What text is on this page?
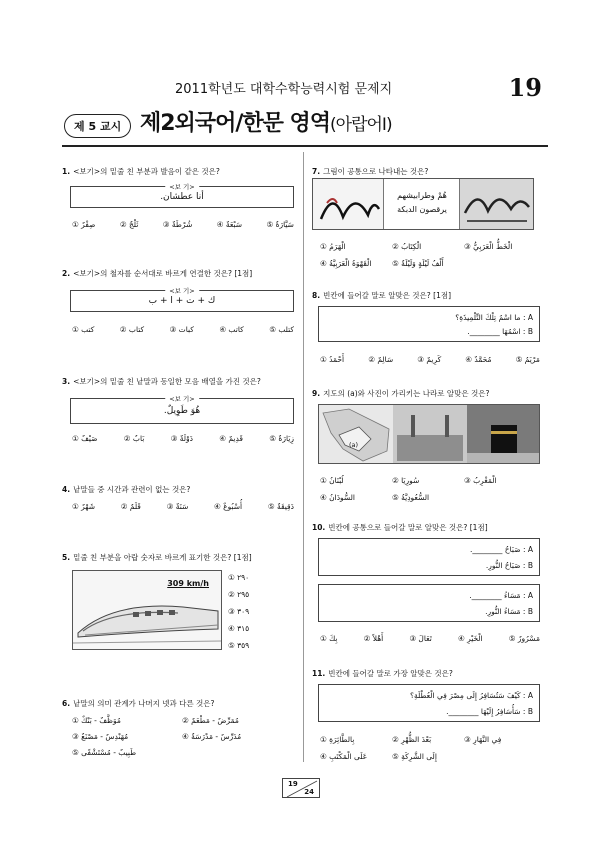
2011학년도 대학수학능력시험 문제지	19
제 5 교시 제2외국어/한문 영역(아랍어Ⅰ)
1. <보기>의 밑줄 친 부분과 발음이 같은 것은?
<보 기>
أنا عطشان.
① صِفْرٌ	② ثَلْجٌ	③ شُرْطَةٌ	④ سَبْعَةٌ	⑤ سَيَّارَةٌ
2. <보기>의 철자를 순서대로 바르게 연결한 것은? [1점]
<보 기>
ك + ت + ا + ب
① كتب	② كتاب	③ كبات	④ كاتب	⑤ كتلب
3. <보기>의 밑줄 친 낱말과 동일한 모음 배열을 가진 것은?
<보 기>
هُوَ طَوِيلٌ.
① صَيْفٌ	② بَابٌ	③ دَوْلَةٌ	④ قَدِيمٌ	⑤ زِيَارَةٌ
4. 낱말들 중 시간과 관련이 없는 것은?
① شَهْرٌ	② قَلَمٌ	③ سَنَةٌ	④ أُسْبُوعٌ	⑤ دَقِيقَةٌ
5. 밑줄 친 부분을 아랍 숫자로 바르게 표기한 것은? [1점]
309 km/h
① ٢٩٠
② ٢٩٥
③ ٣٠٩
④ ٣١٥
⑤ ٣٥٩
6. 낱말의 의미 관계가 나머지 넷과 다른 것은?
① مُوَظَّفٌ - بَنْكٌ	② مُمَرِّضٌ - مَطْعَمٌ
③ مُهَنْدِسٌ - مَصْنَعٌ	④ مُدَرِّسٌ - مَدْرَسَةٌ
⑤ طَبِيبٌ - مُسْتَشْفًى
7. 그림이 공통으로 나타내는 것은?
هُمْ وطرابيشهم يرقصون الدبكة
① الْهَرَمُ	② الْكِتَابُ	③ الْخَطُّ الْعَرَبِيُّ
④ الْقَهْوَةُ الْعَرَبِيَّةُ	⑤ أَلْفُ لَيْلَةٍ وَلَيْلَةٌ
8. 빈칸에 들어갈 말로 알맞은 것은? [1점]
A : ما اسْمُ تِلْكَ التِّلْمِيذَةِ؟
B : اسْمُهَا ________.
① أَحْمَدُ	② سَالِمٌ	③ كَرِيمٌ	④ مُحَمَّدٌ	⑤ مَرْيَمُ
9. 지도의 (a)와 사진이 가리키는 나라로 알맞은 것은?
(a)
① لُبْنَانُ	② سُورِيَا	③ الْمَغْرِبُ
④ السُّودَانُ	⑤ السُّعُودِيَّةُ
10. 빈칸에 공통으로 들어갈 말로 알맞은 것은? [1점]
A : صَبَاحُ ________.
B : صَبَاحُ النُّورِ.
A : مَسَاءُ ________.
B : مَسَاءُ النُّورِ.
① بِكَ	② أَهْلاً	③ تَعَالَ	④ الْخَيْرِ	⑤ مَسْرُورٌ
11. 빈칸에 들어갈 말로 가장 알맞은 것은?
A : كَيْفَ سَتُسَافِرُ إِلَى مِصْرَ فِي الْعُطْلَةِ؟
B : سَأُسَافِرُ إِلَيْهَا ________.
① بِالطَّائِرَةِ	② بَعْدَ الظُّهْرِ	③ فِي النَّهَارِ
④ عَلَى الْمَكْتَبِ	⑤ إِلَى الشَّرِكَةِ
19
24
